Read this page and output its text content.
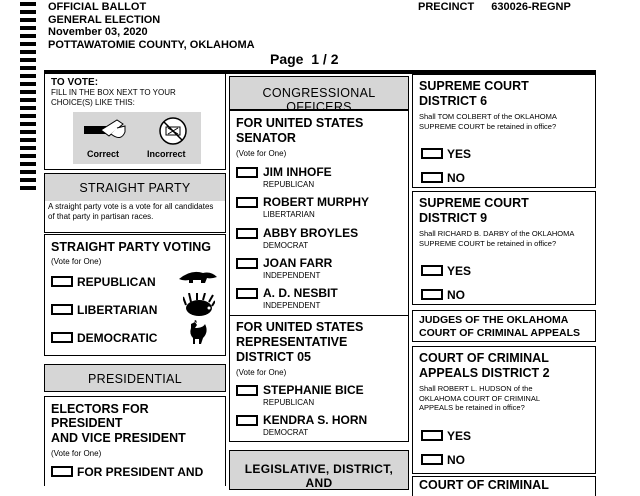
OFFICIAL BALLOT
GENERAL ELECTION
November 03, 2020
POTTAWATOMIE COUNTY, OKLAHOMA
PRECINCT 630026-REGNP
Page  1 / 2
TO VOTE:
FILL IN THE BOX NEXT TO YOUR CHOICE(S) LIKE THIS:
Correct	Incorrect
STRAIGHT PARTY
A straight party vote is a vote for all candidates of that party in partisan races.
STRAIGHT PARTY VOTING
(Vote for One)
REPUBLICAN
LIBERTARIAN
DEMOCRATIC
PRESIDENTIAL
ELECTORS FOR
PRESIDENT
AND VICE PRESIDENT
(Vote for One)
FOR PRESIDENT AND
CONGRESSIONAL OFFICERS
FOR UNITED STATES
SENATOR
(Vote for One)
JIM INHOFE
REPUBLICAN
ROBERT MURPHY
LIBERTARIAN
ABBY BROYLES
DEMOCRAT
JOAN FARR
INDEPENDENT
A. D. NESBIT
INDEPENDENT
FOR UNITED STATES
REPRESENTATIVE
DISTRICT 05
(Vote for One)
STEPHANIE BICE
REPUBLICAN
KENDRA S. HORN
DEMOCRAT
LEGISLATIVE, DISTRICT, AND
SUPREME COURT
DISTRICT 6
Shall TOM COLBERT of the OKLAHOMA SUPREME COURT be retained in office?
YES
NO
SUPREME COURT
DISTRICT 9
Shall RICHARD B. DARBY of the OKLAHOMA SUPREME COURT be retained in office?
YES
NO
JUDGES OF THE OKLAHOMA
COURT OF CRIMINAL APPEALS
COURT OF CRIMINAL
APPEALS DISTRICT 2
Shall ROBERT L. HUDSON of the OKLAHOMA COURT OF CRIMINAL APPEALS be retained in office?
YES
NO
COURT OF CRIMINAL
